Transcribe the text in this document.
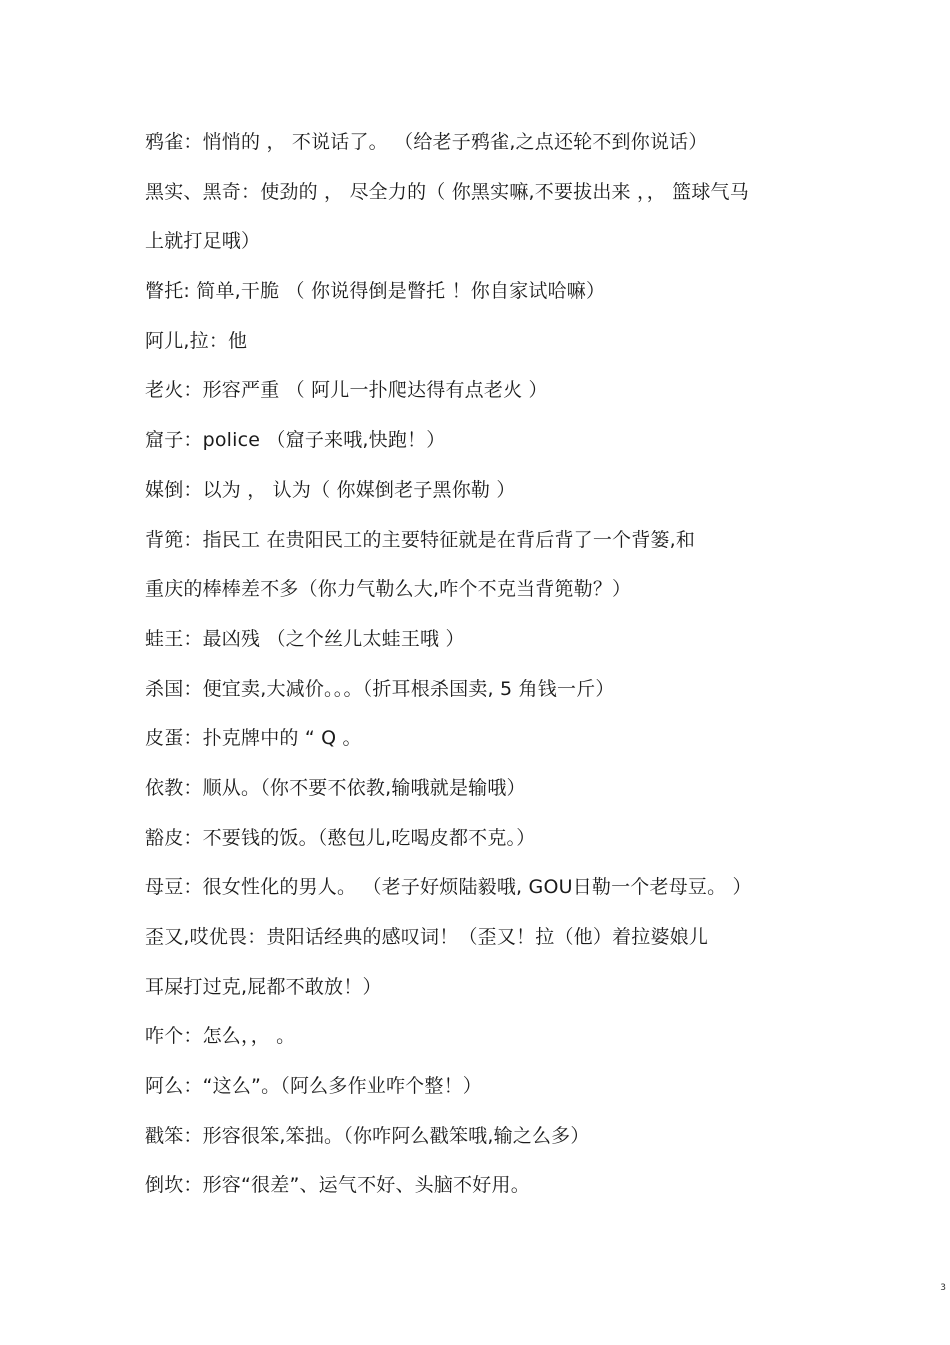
鸦雀：悄悄的 ， 不说话了。 （给老子鸦雀,之点还轮不到你说话）
黑实、黑奇：使劲的 ， 尽全力的（ 你黑实嘛,不要拔出来 ，， 篮球气马
上就打足哦）
瞥托: 简单,干脆 （ 你说得倒是瞥托 ！你自家试哈嘛）
阿儿,拉：他
老火：形容严重 （ 阿儿一扑爬达得有点老火 ）
窟子：police （窟子来哦,快跑！）
媒倒：以为 ， 认为（ 你媒倒老子黑你勒 ）
背篼：指民工 在贵阳民工的主要特征就是在背后背了一个背篓,和
重庆的棒棒差不多（你力气勒么大,咋个不克当背篼勒？）
蛙王：最凶残 （之个丝儿太蛙王哦 ）
杀国：便宜卖,大减价。。。（折耳根杀国卖, 5 角钱一斤）
皮蛋：扑克牌中的 “ Q 。
依教：顺从。（你不要不依教,输哦就是输哦）
豁皮：不要钱的饭。（憨包儿,吃喝皮都不克。）
母豆：很女性化的男人。 （老子好烦陆毅哦, GOU日勒一个老母豆。 ）
歪又,哎优畏：贵阳话经典的感叹词！（歪又！拉（他）着拉婆娘儿
耳屎打过克,屁都不敢放！）
咋个：怎么，， 。
阿么：“这么”。（阿么多作业咋个整！）
戳笨：形容很笨,笨拙。（你咋阿么戳笨哦,输之么多）
倒坎：形容“很差”、运气不好、头脑不好用。
3
